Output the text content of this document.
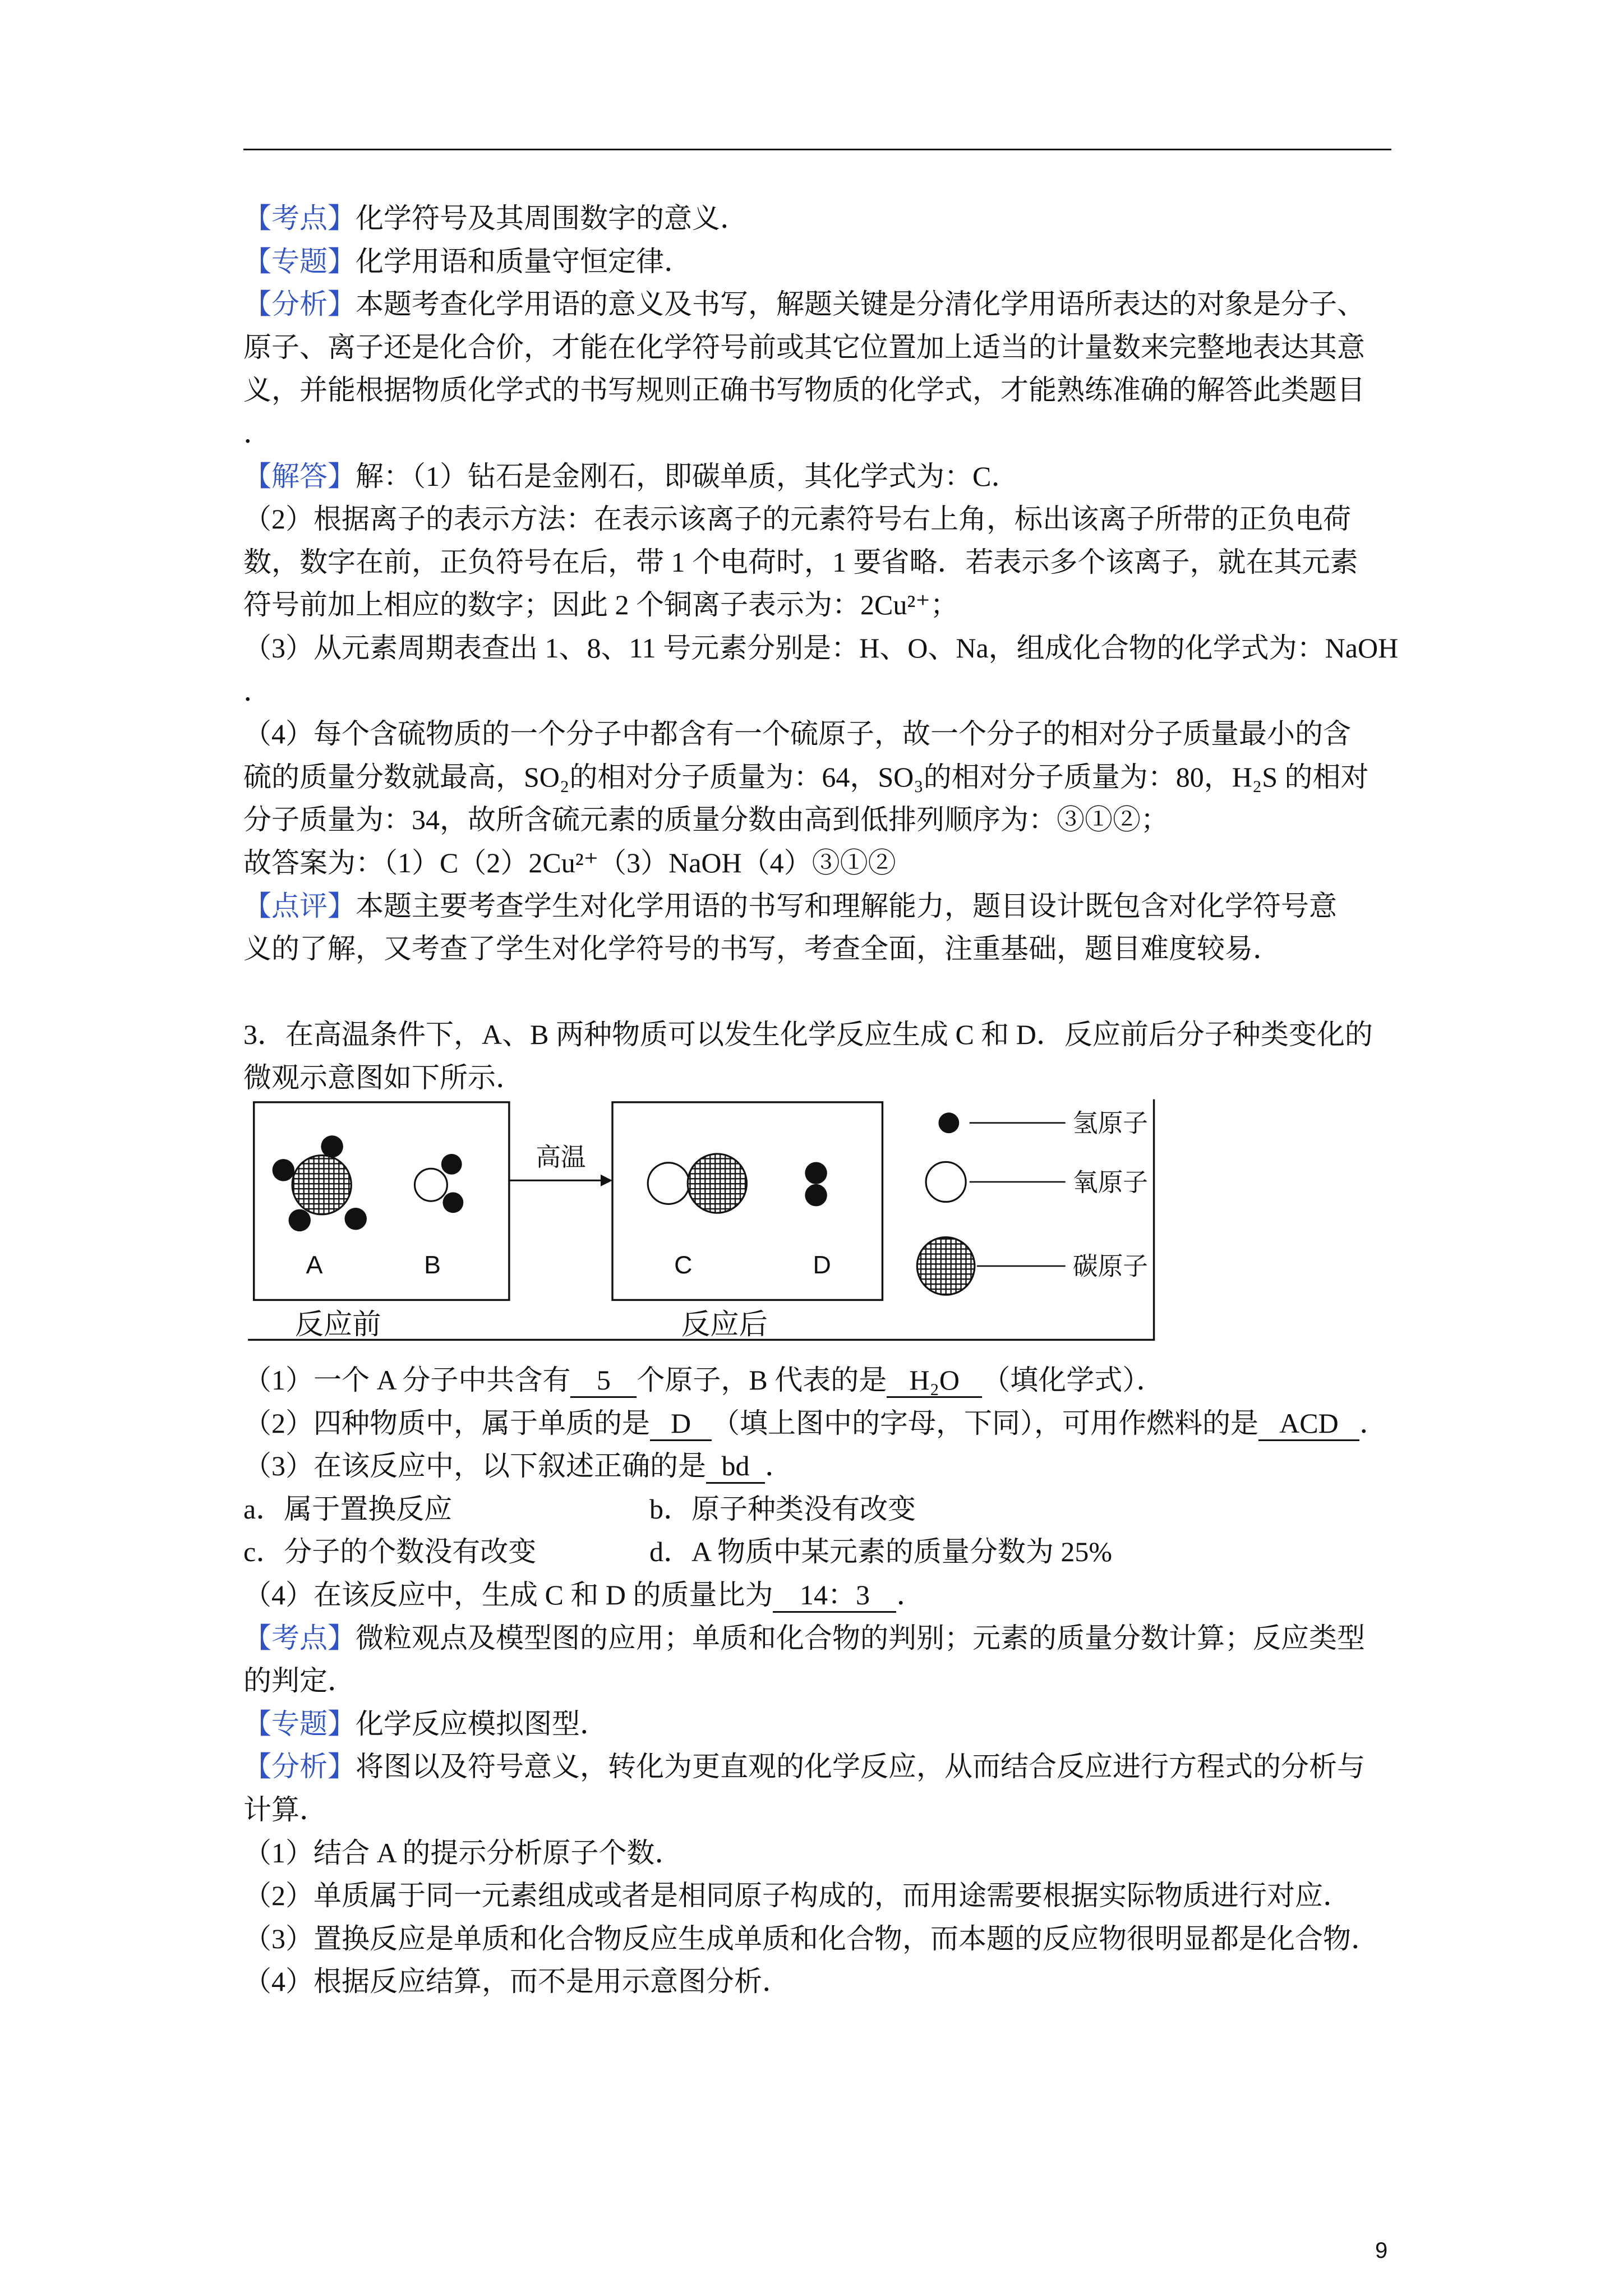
【考点】化学符号及其周围数字的意义．
【专题】化学用语和质量守恒定律．
【分析】本题考查化学用语的意义及书写，解题关键是分清化学用语所表达的对象是分子、
原子、离子还是化合价，才能在化学符号前或其它位置加上适当的计量数来完整地表达其意
义，并能根据物质化学式的书写规则正确书写物质的化学式，才能熟练准确的解答此类题目
．
【解答】解：（1）钻石是金刚石，即碳单质，其化学式为：C．
（2）根据离子的表示方法：在表示该离子的元素符号右上角，标出该离子所带的正负电荷
数，数字在前，正负符号在后，带 1 个电荷时，1 要省略．若表示多个该离子，就在其元素
符号前加上相应的数字；因此 2 个铜离子表示为：2Cu²⁺；
（3）从元素周期表查出 1、8、11 号元素分别是：H、O、Na，组成化合物的化学式为：NaOH
．
（4）每个含硫物质的一个分子中都含有一个硫原子，故一个分子的相对分子质量最小的含
硫的质量分数就最高，SO₂的相对分子质量为：64，SO₃的相对分子质量为：80，H₂S 的相对
分子质量为：34，故所含硫元素的质量分数由高到低排列顺序为：③①②；
故答案为：（1）C（2）2Cu²⁺（3）NaOH（4）③①②
【点评】本题主要考查学生对化学用语的书写和理解能力，题目设计既包含对化学符号意
义的了解，又考查了学生对化学符号的书写，考查全面，注重基础，题目难度较易．
3．在高温条件下，A、B 两种物质可以发生化学反应生成 C 和 D．反应前后分子种类变化的
微观示意图如下所示．
高温
A	B	C	D
反应前	反应后
氢原子
氧原子
碳原子
（1）一个 A 分子中共含有 5 个原子，B 代表的是 H₂O （填化学式）．
（2）四种物质中，属于单质的是 D （填上图中的字母，下同），可用作燃料的是 ACD ．
（3）在该反应中，以下叙述正确的是 bd ．
a．属于置换反应	b．原子种类没有改变
c．分子的个数没有改变	d．A 物质中某元素的质量分数为 25%
（4）在该反应中，生成 C 和 D 的质量比为 14：3 ．
【考点】微粒观点及模型图的应用；单质和化合物的判别；元素的质量分数计算；反应类型
的判定．
【专题】化学反应模拟图型．
【分析】将图以及符号意义，转化为更直观的化学反应，从而结合反应进行方程式的分析与
计算．
（1）结合 A 的提示分析原子个数．
（2）单质属于同一元素组成或者是相同原子构成的，而用途需要根据实际物质进行对应．
（3）置换反应是单质和化合物反应生成单质和化合物，而本题的反应物很明显都是化合物．
（4）根据反应结算，而不是用示意图分析．
9
